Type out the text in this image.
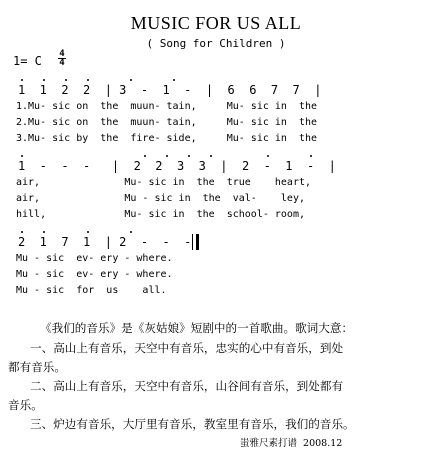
MUSIC FOR US ALL
( Song for Children )
1= C 4
4
1  1  2  2  | 3  -  1  -  |  6  6  7  7  |
1.Mu- sic on  the  muun- tain,     Mu- sic in  the
2.Mu- sic on  the  muun- tain,     Mu- sic in  the
3.Mu- sic by  the  fire- side,     Mu- sic in  the
1  -  -  -   |  2  2  3  3  |  2  -  1  -  |
air,              Mu- sic in  the  true    heart,
air,              Mu - sic in  the  val-    ley,
hill,             Mu- sic in  the  school- room,
2  1  7  1  | 2  -  -  -
Mu - sic  ev- ery - where.
Mu - sic  ev- ery - where.
Mu - sic  for  us    all.
《我们的音乐》是《灰姑娘》短剧中的一首歌曲。歌词大意：
一、高山上有音乐，天空中有音乐，忠实的心中有音乐，到处
都有音乐。
二、高山上有音乐，天空中有音乐，山谷间有音乐，到处都有
音乐。
三、炉边有音乐，大厅里有音乐，教室里有音乐，我们的音乐。
蚩雅尺素打谱  2008.12
